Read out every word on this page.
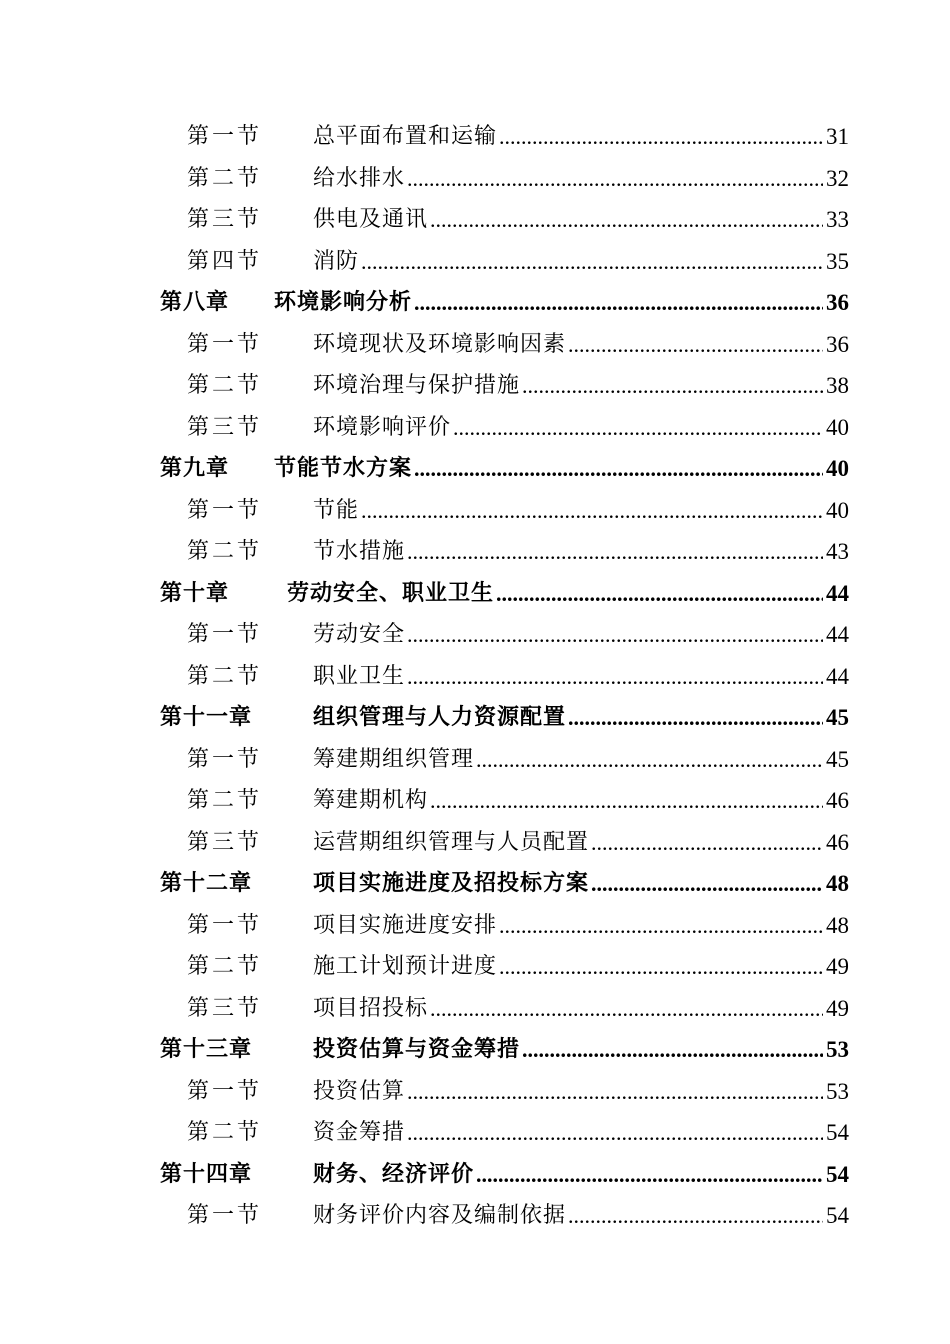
第一节 ..... 总平面布置和运输	31
第二节 ..... 给水排水	32
第三节 ..... 供电及通讯	33
第四节 ..... 消防	35
第八章 ..... 环境影响分析	36
第一节 ..... 环境现状及环境影响因素	36
第二节 ..... 环境治理与保护措施	38
第三节 ..... 环境影响评价	40
第九章 ..... 节能节水方案	40
第一节 ..... 节能	40
第二节 ..... 节水措施	43
第十章 .....	劳动安全、职业卫生	44
第一节 ..... 劳动安全	44
第二节 ..... 职业卫生	44
第十一章 .....	组织管理与人力资源配置	45
第一节 ..... 筹建期组织管理	45
第二节 ..... 筹建期机构	46
第三节 ..... 运营期组织管理与人员配置	46
第十二章 .....	项目实施进度及招投标方案	48
第一节 ..... 项目实施进度安排	48
第二节 ..... 施工计划预计进度	49
第三节 ..... 项目招投标	49
第十三章 .....	投资估算与资金筹措	53
第一节 ..... 投资估算	53
第二节 ..... 资金筹措	54
第十四章 .....	财务、经济评价	54
第一节 ..... 财务评价内容及编制依据	54
